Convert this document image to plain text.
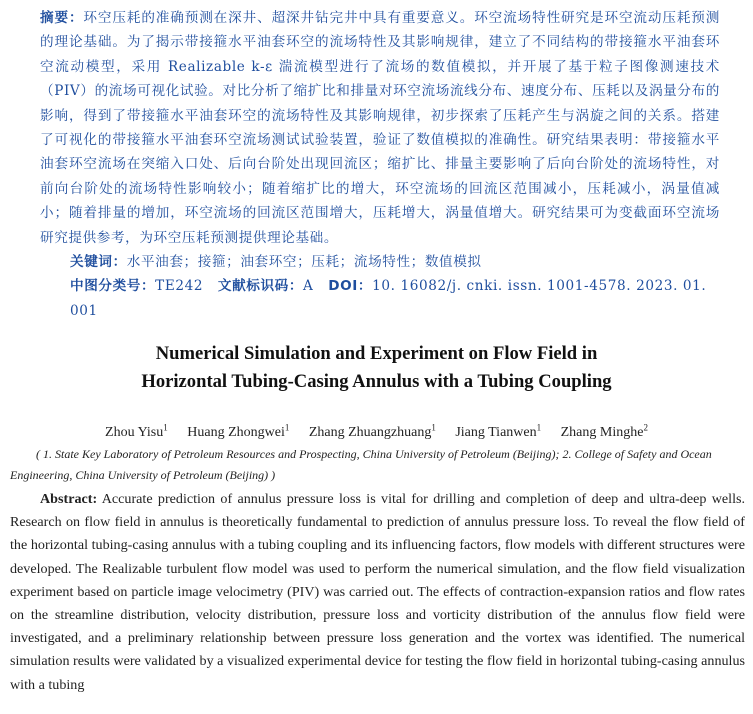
摘要：环空压耗的准确预测在深井、超深井钻完井中具有重要意义。环空流场特性研究是环空流动压耗预测的理论基础。为了揭示带接箍水平油套环空的流场特性及其影响规律，建立了不同结构的带接箍水平油套环空流动模型，采用 Realizable k-ε 湍流模型进行了流场的数值模拟，并开展了基于粒子图像测速技术（PIV）的流场可视化试验。对比分析了缩扩比和排量对环空流场流线分布、速度分布、压耗以及涡量分布的影响，得到了带接箍水平油套环空的流场特性及其影响规律，初步探索了压耗产生与涡旋之间的关系。搭建了可视化的带接箍水平油套环空流场测试试验装置，验证了数值模拟的准确性。研究结果表明：带接箍水平油套环空流场在突缩入口处、后向台阶处出现回流区；缩扩比、排量主要影响了后向台阶处的流场特性，对前向台阶处的流场特性影响较小；随着缩扩比的增大，环空流场的回流区范围减小，压耗减小，涡量值减小；随着排量的增加，环空流场的回流区范围增大，压耗增大，涡量值增大。研究结果可为变截面环空流场研究提供参考，为环空压耗预测提供理论基础。

关键词：水平油套；接箍；油套环空；压耗；流场特性；数值模拟

中图分类号：TE242 文献标识码：A DOI：10. 16082/j. cnki. issn. 1001-4578. 2023. 01. 001

Numerical Simulation and Experiment on Flow Field in
Horizontal Tubing-Casing Annulus with a Tubing Coupling
Zhou Yisu$^1$ Huang Zhongwei$^1$ Zhang Zhuangzhuang$^1$ Jiang Tianwen$^1$ Zhang Minghe$^2$
( 1. State Key Laboratory of Petroleum Resources and Prospecting, China University of Petroleum (Beijing); 2. College of Safety and Ocean Engineering, China University of Petroleum (Beijing) )

Abstract: Accurate prediction of annulus pressure loss is vital for drilling and completion of deep and ultra-deep wells. Research on flow field in annulus is theoretically fundamental to prediction of annulus pressure loss. To reveal the flow field of the horizontal tubing-casing annulus with a tubing coupling and its influencing factors, flow models with different structures were developed. The Realizable turbulent flow model was used to perform the numerical simulation, and the flow field visualization experiment based on particle image velocimetry (PIV) was carried out. The effects of contraction-expansion ratios and flow rates on the streamline distribution, velocity distribution, pressure loss and vorticity distribution of the annulus flow field were investigated, and a preliminary relationship between pressure loss generation and the vortex was identified. The numerical simulation results were validated by a visualized experimental device for testing the flow field in horizontal tubing-casing annulus with a tubing
